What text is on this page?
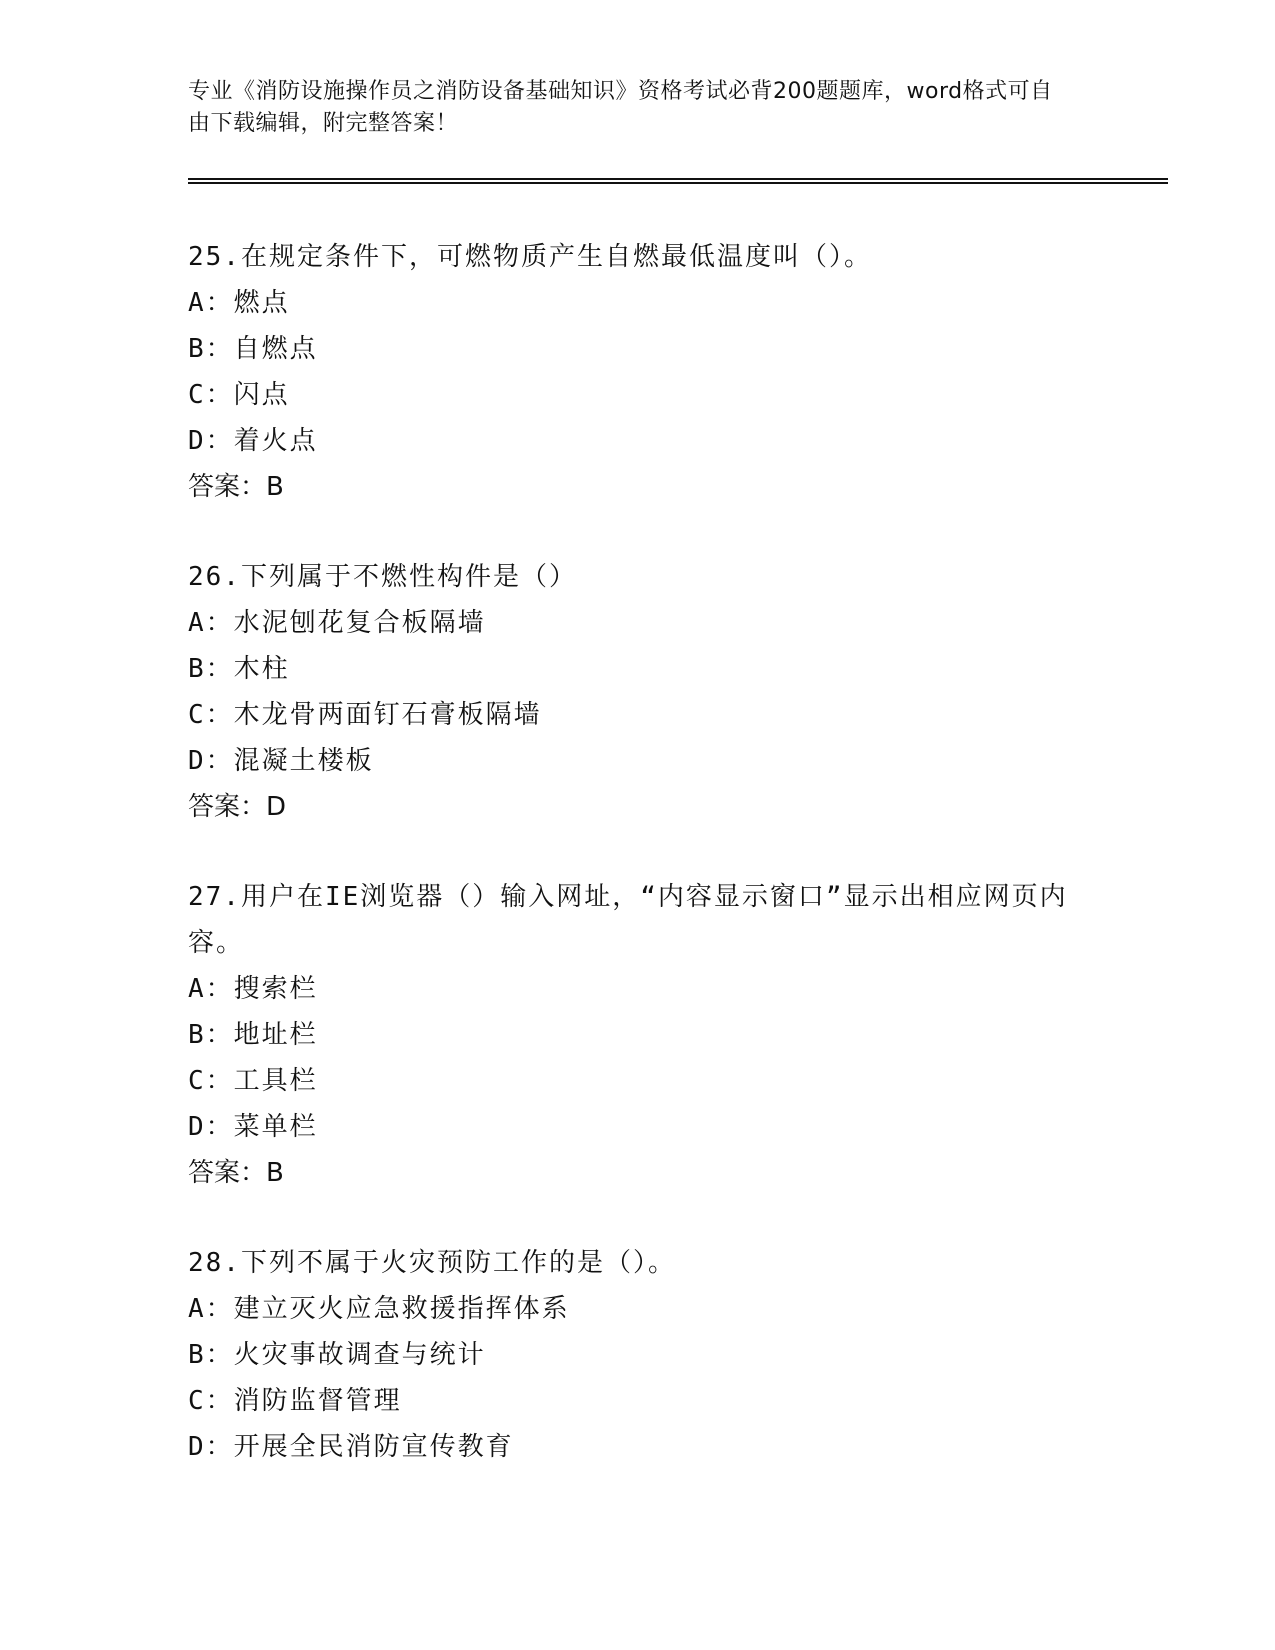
专业《消防设施操作员之消防设备基础知识》资格考试必背200题题库，word格式可自由下载编辑，附完整答案！
25.在规定条件下，可燃物质产生自燃最低温度叫（）。
A：燃点
B：自燃点
C：闪点
D：着火点
答案：B
26.下列属于不燃性构件是（）
A：水泥刨花复合板隔墙
B：木柱
C：木龙骨两面钉石膏板隔墙
D：混凝土楼板
答案：D
27.用户在IE浏览器（）输入网址，“内容显示窗口”显示出相应网页内容。
A：搜索栏
B：地址栏
C：工具栏
D：菜单栏
答案：B
28.下列不属于火灾预防工作的是（）。
A：建立灭火应急救援指挥体系
B：火灾事故调查与统计
C：消防监督管理
D：开展全民消防宣传教育
